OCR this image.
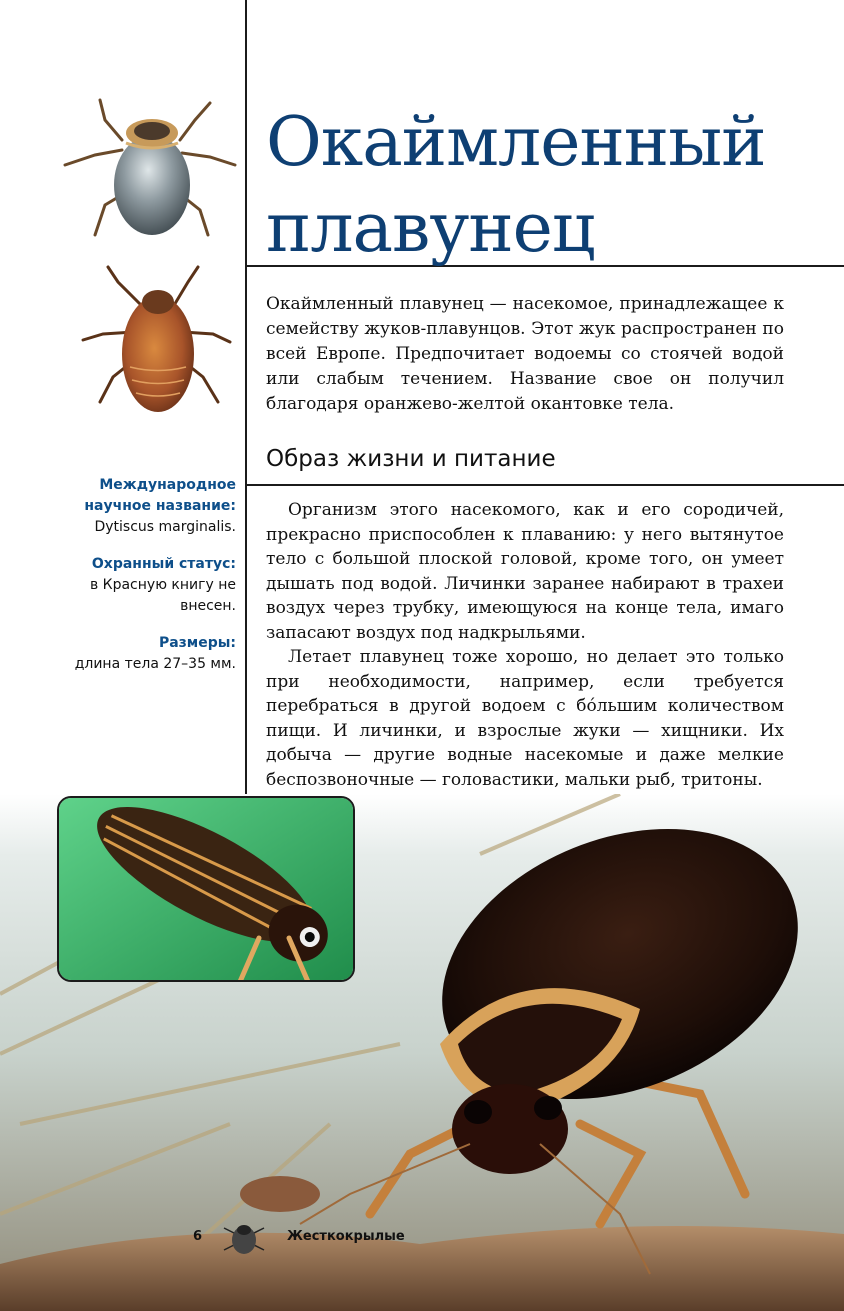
Окаймленный
плавунец

Окаймленный плавунец — насекомое, принадлежащее к семейству жуков-плавунцов. Этот жук распространен по всей Европе. Предпочитает водоемы со стоячей водой или слабым течением. Название свое он получил благодаря оранжево-желтой окантовке тела.

Образ жизни и питание

Организм этого насекомого, как и его сородичей, прекрасно приспособлен к плаванию: у него вытянутое тело с большой плоской головой, кроме того, он умеет дышать под водой. Личинки заранее набирают в трахеи воздух через трубку, имеющуюся на конце тела, имаго запасают воздух под надкрыльями.

Летает плавунец тоже хорошо, но делает это только при необходимости, например, если требуется перебраться в другой водоем с бо́льшим количеством пищи. И личинки, и взрослые жуки — хищники. Их добыча — другие водные насекомые и даже мелкие беспозвоночные — головастики, мальки рыб, тритоны.

Международное научное название:
Dytiscus marginalis.
Охранный статус:
в Красную книгу не внесен.
Размеры:
длина тела 27–35 мм.
6	Жесткокрылые
